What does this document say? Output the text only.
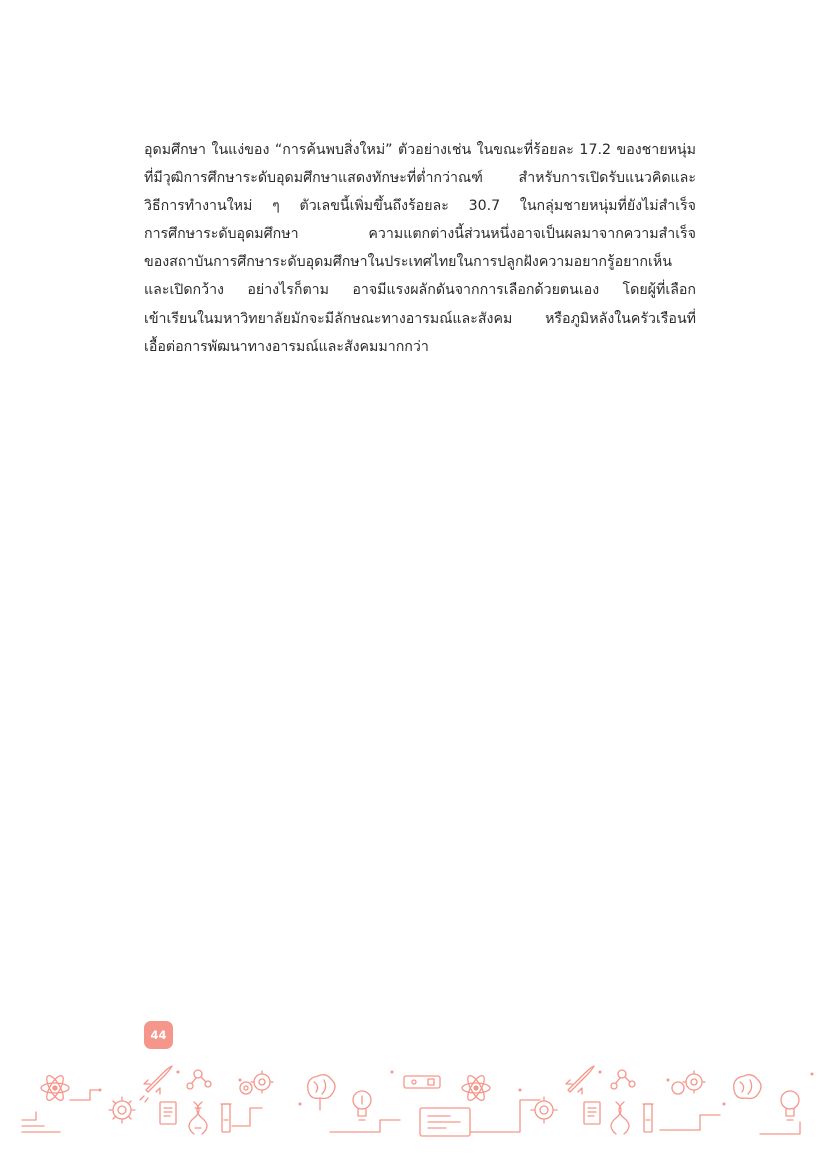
อุดมศึกษา ในแง่ของ “การค้นพบสิ่งใหม่” ตัวอย่างเช่น ในขณะที่ร้อยละ 17.2 ของชายหนุ่ม
ที่มีวุฒิการศึกษาระดับอุดมศึกษาแสดงทักษะที่ต่ำกว่าณฑ์ สำหรับการเปิดรับแนวคิดและ
วิธีการทำงานใหม่ ๆ ตัวเลขนี้เพิ่มขึ้นถึงร้อยละ 30.7 ในกลุ่มชายหนุ่มที่ยังไม่สำเร็จ
การศึกษาระดับอุดมศึกษา ความแตกต่างนี้ส่วนหนึ่งอาจเป็นผลมาจากความสำเร็จ
ของสถาบันการศึกษาระดับอุดมศึกษาในประเทศไทยในการปลูกฝังความอยากรู้อยากเห็น
และเปิดกว้าง อย่างไรก็ตาม อาจมีแรงผลักดันจากการเลือกด้วยตนเอง โดยผู้ที่เลือก
เข้าเรียนในมหาวิทยาลัยมักจะมีลักษณะทางอารมณ์และสังคม หรือภูมิหลังในครัวเรือนที่
เอื้อต่อการพัฒนาทางอารมณ์และสังคมมากกว่า
44
